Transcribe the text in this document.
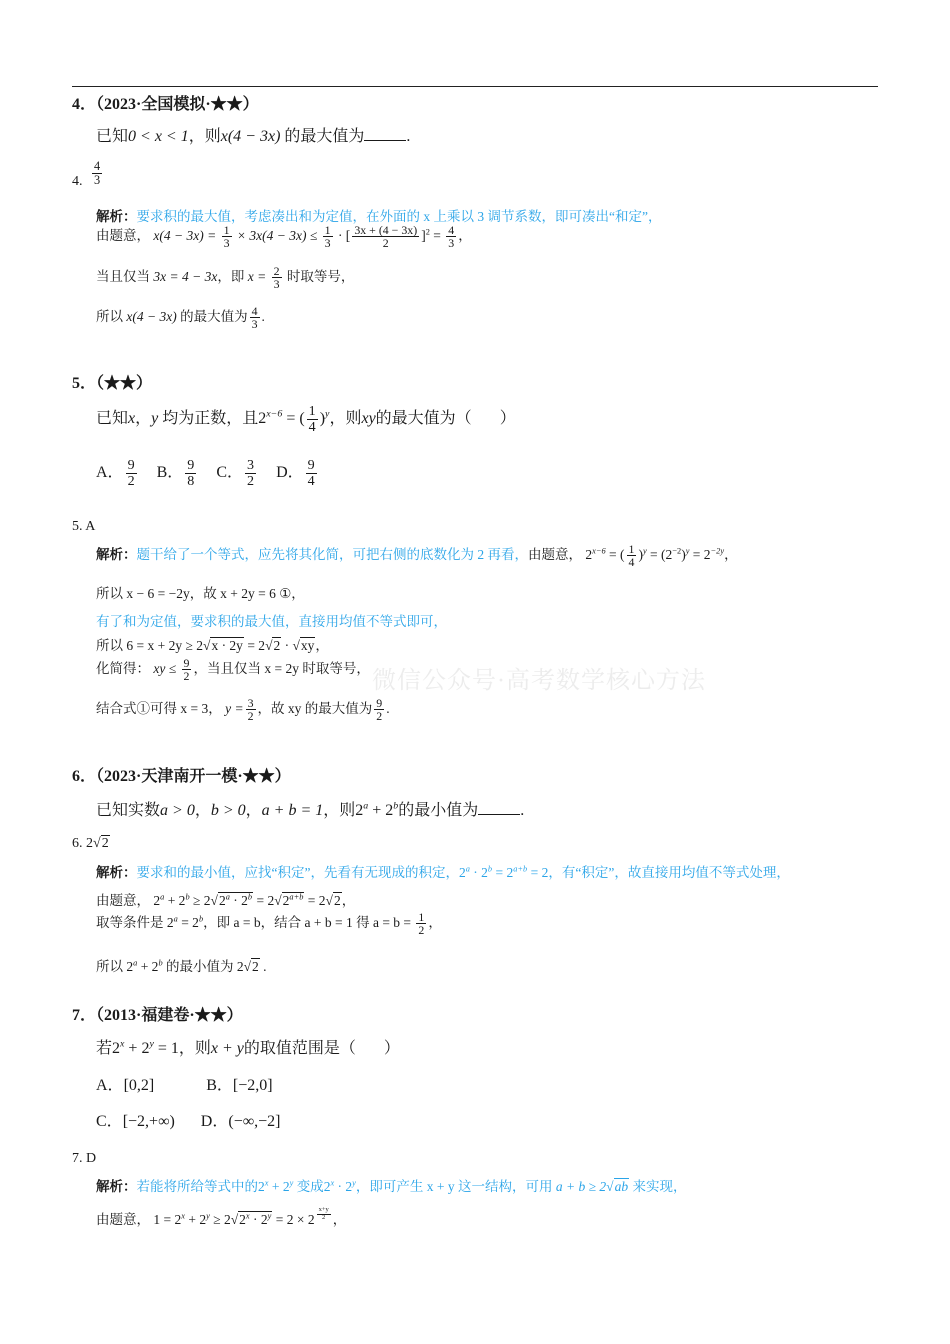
微信公众号·高考数学核心方法
4．（2023·全国模拟·★★）
已知0 < x < 1，则x(4 − 3x) 的最大值为	.
4. $\frac{4}{3}$
解析：要求积的最大值，考虑凑出和为定值，在外面的 x 上乘以 3 调节系数，即可凑出“和定”，
由题意， $x(4 - 3x) = \frac{1}{3} \times 3x(4 - 3x) \le \frac{1}{3}$ · [ $\frac{3x + (4 - 3x)}{2} ]^2 = \frac{4}{3}$ ，
当且仅当 3x = 4 − 3x，即 $x = \frac{2}{3}$ 时取等号，
所以 x(4 − 3x) 的最大值为 $\frac{4}{3}$ .
5．（★★）
已知x，y 均为正数，且$2^{x-6}$ = ( $\frac{1}{4} )^y$，则xy的最大值为（ ）
A． $\frac{9}{2}$ B． $\frac{9}{8}$ C． $\frac{3}{2}$ D． $\frac{9}{4}$
5. A
解析：题干给了一个等式，应先将其化简，可把右侧的底数化为 2 再看，由题意， $2^{x-6}$ = ( $\frac{1}{4} )^y = (2^{-2})^y = 2^{-2y}$，
所以 x − 6 = −2y，故 x + 2y = 6 ①，
有了和为定值，要求积的最大值，直接用均值不等式即可，
所以 6 = x + 2y ≥ 2√x · 2y = 2√2 · √xy，
化简得： xy ≤ $\frac{9}{2}$ ，当且仅当 x = 2y 时取等号，
结合式①可得 x = 3， $y = \frac{3}{2}$ ，故 xy 的最大值为 $\frac{9}{2}$ .
6．（2023·天津南开一模·★★）
已知实数a > 0，b > 0，a + b = 1，则$2^a + 2^b$的最小值为	.
6. 2√2
解析：要求和的最小值，应找“积定”，先看有无现成的积定，$2^a \cdot 2^b = 2^{a+b} = 2$，有“积定”，故直接用均值不等式处理，
由题意， $2^a + 2^b \ge 2√2^a \cdot 2^b = 2√2^{a+b} = 2√2$，
取等条件是 $2^a = 2^b$，即 a = b，结合 a + b = 1 得 $a = b = \frac{1}{2}$ ，
所以 $2^a + 2^b$ 的最小值为 2√2 .
7．（2013·福建卷·★★）
若$2^x + 2^y = 1$，则x + y的取值范围是（ ）
A．[0,2]	B．[−2,0]
C．[−2,+∞) D．(−∞,−2]
7. D
解析：若能将所给等式中的$2^x + 2^y$ 变成$2^x \cdot 2^y$，即可产生 x + y 这一结构，可用 a + b ≥ 2√ab 来实现，
由题意， $1 = 2^x + 2^y \ge 2√2^x \cdot 2^y = 2 \times 2$ $^{\frac{x+y}{2}}$ ，
